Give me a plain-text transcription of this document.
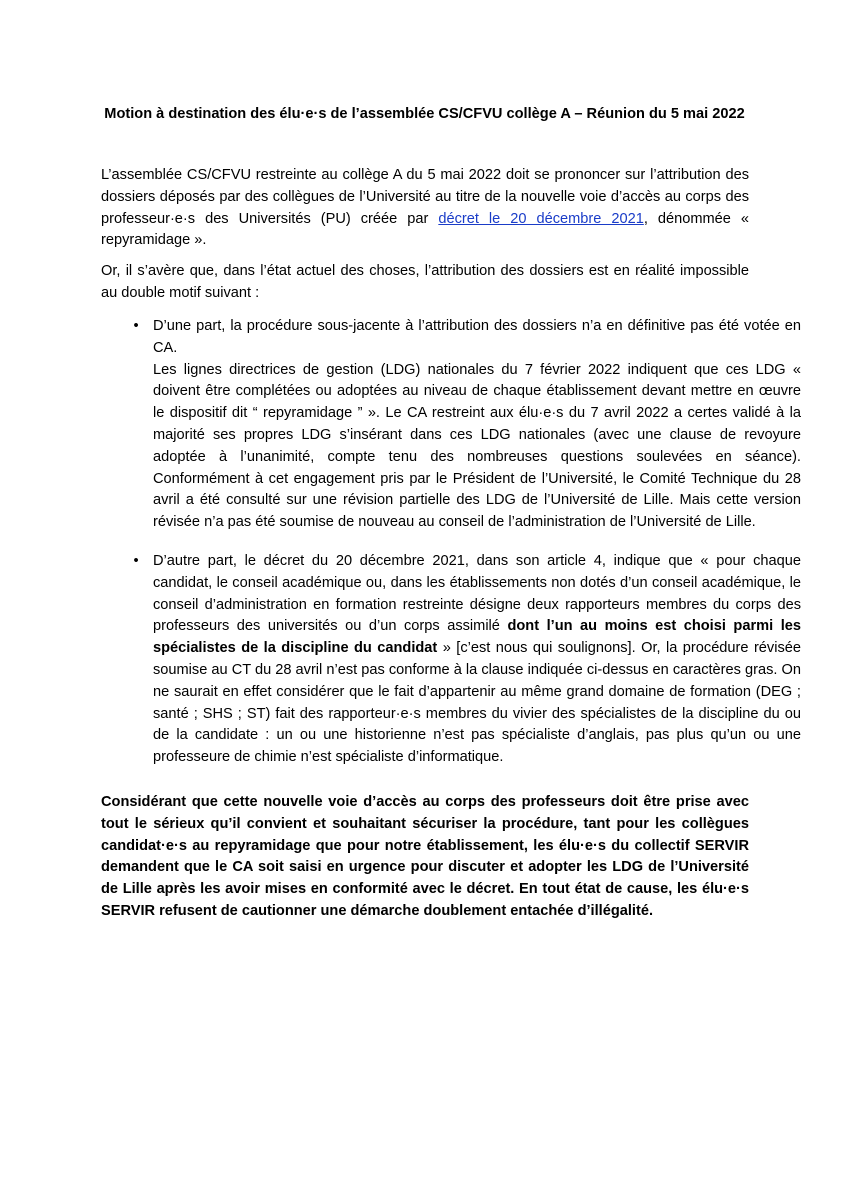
Motion à destination des élu·e·s de l’assemblée CS/CFVU collège A – Réunion du 5 mai 2022

L’assemblée CS/CFVU restreinte au collège A du 5 mai 2022 doit se prononcer sur l’attribution des dossiers déposés par des collègues de l’Université au titre de la nouvelle voie d’accès au corps des professeur·e·s des Universités (PU) créée par décret le 20 décembre 2021, dénommée « repyramidage ».

Or, il s’avère que, dans l’état actuel des choses, l’attribution des dossiers est en réalité impossible au double motif suivant :

• D’une part, la procédure sous-jacente à l’attribution des dossiers n’a en définitive pas été votée en CA.

Les lignes directrices de gestion (LDG) nationales du 7 février 2022 indiquent que ces LDG « doivent être complétées ou adoptées au niveau de chaque établissement devant mettre en œuvre le dispositif dit “ repyramidage ” ». Le CA restreint aux élu·e·s du 7 avril 2022 a certes validé à la majorité ses propres LDG s’insérant dans ces LDG nationales (avec une clause de revoyure adoptée à l’unanimité, compte tenu des nombreuses questions soulevées en séance). Conformément à cet engagement pris par le Président de l’Université, le Comité Technique du 28 avril a été consulté sur une révision partielle des LDG de l’Université de Lille. Mais cette version révisée n’a pas été soumise de nouveau au conseil de l’administration de l’Université de Lille.

• D’autre part, le décret du 20 décembre 2021, dans son article 4, indique que « pour chaque candidat, le conseil académique ou, dans les établissements non dotés d’un conseil académique, le conseil d’administration en formation restreinte désigne deux rapporteurs membres du corps des professeurs des universités ou d’un corps assimilé dont l’un au moins est choisi parmi les spécialistes de la discipline du candidat » [c’est nous qui soulignons]. Or, la procédure révisée soumise au CT du 28 avril n’est pas conforme à la clause indiquée ci-dessus en caractères gras. On ne saurait en effet considérer que le fait d’appartenir au même grand domaine de formation (DEG ; santé ; SHS ; ST) fait des rapporteur·e·s membres du vivier des spécialistes de la discipline du ou de la candidate : un ou une historienne n’est pas spécialiste d’anglais, pas plus qu’un ou une professeure de chimie n’est spécialiste d’informatique.

Considérant que cette nouvelle voie d’accès au corps des professeurs doit être prise avec tout le sérieux qu’il convient et souhaitant sécuriser la procédure, tant pour les collègues candidat·e·s au repyramidage que pour notre établissement, les élu·e·s du collectif SERVIR demandent que le CA soit saisi en urgence pour discuter et adopter les LDG de l’Université de Lille après les avoir mises en conformité avec le décret. En tout état de cause, les élu·e·s SERVIR refusent de cautionner une démarche doublement entachée d’illégalité.
